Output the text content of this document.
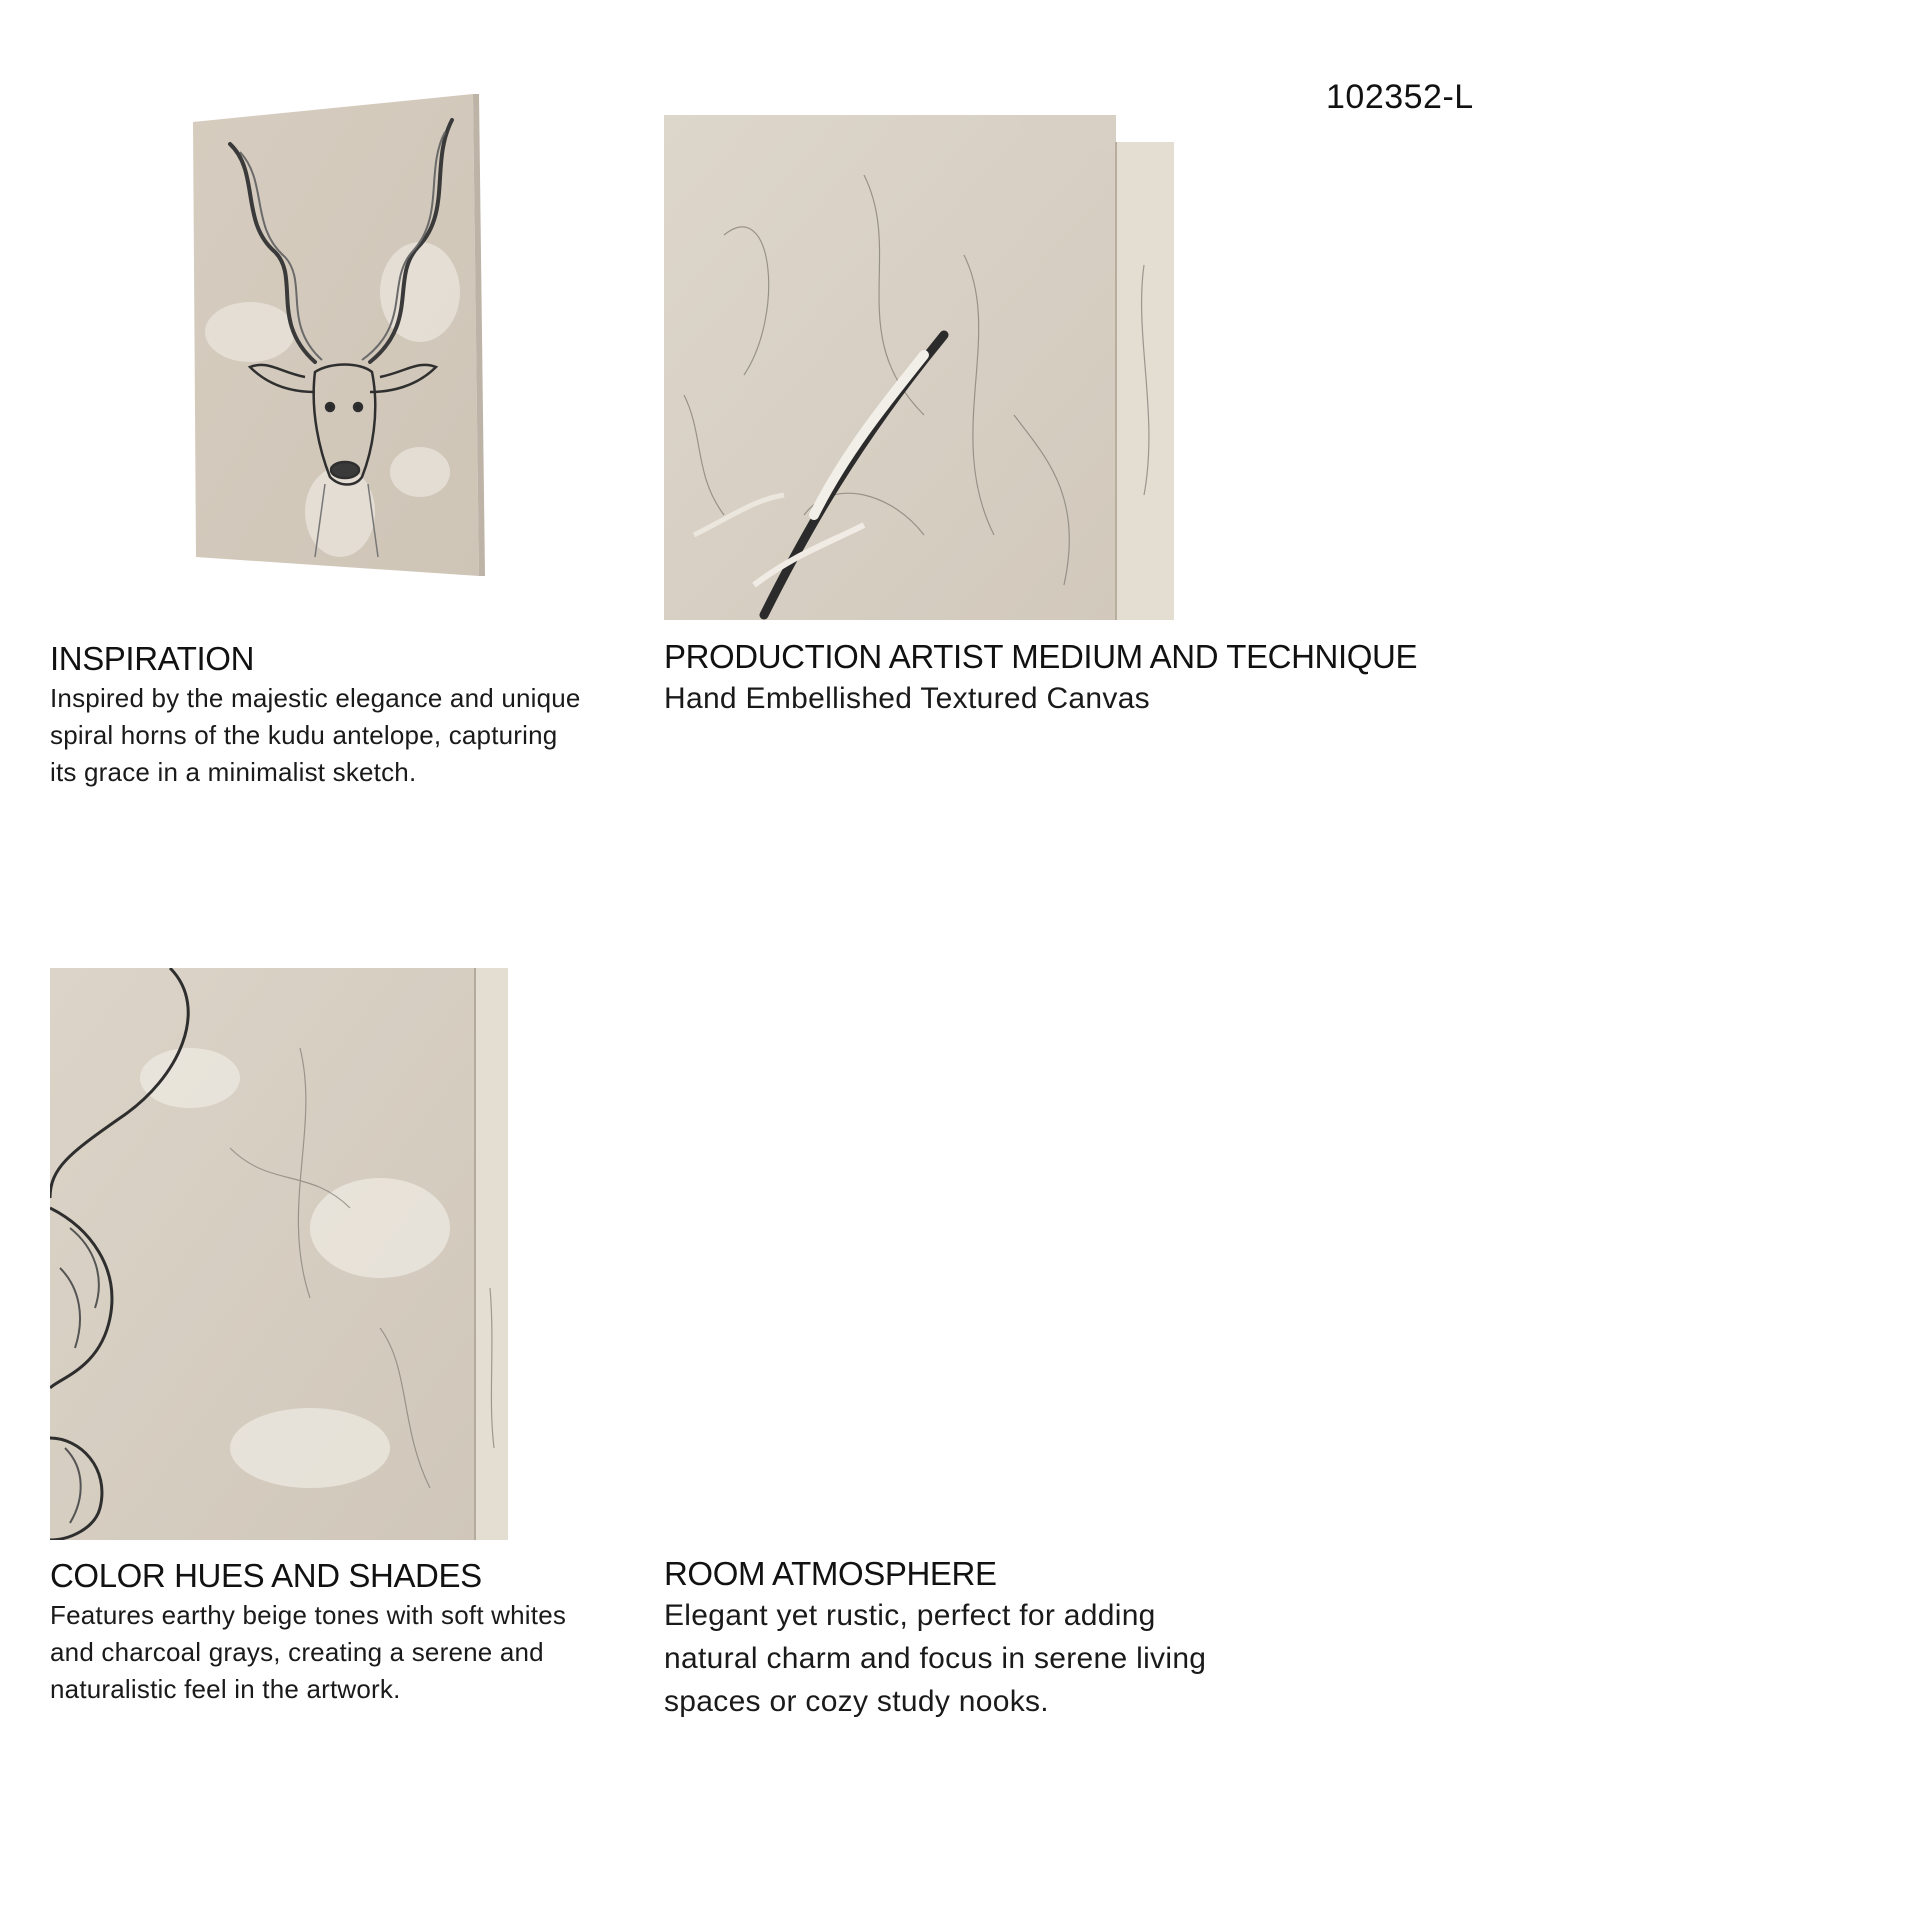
102352-L
INSPIRATION
Inspired by the majestic elegance and unique
spiral horns of the kudu antelope, capturing
its grace in a minimalist sketch.
PRODUCTION ARTIST MEDIUM AND TECHNIQUE
Hand Embellished Textured Canvas
COLOR HUES AND SHADES
Features earthy beige tones with soft whites
and charcoal grays, creating a serene and
naturalistic feel in the artwork.
ROOM ATMOSPHERE
Elegant yet rustic, perfect for adding
natural charm and focus in serene living
spaces or cozy study nooks.
